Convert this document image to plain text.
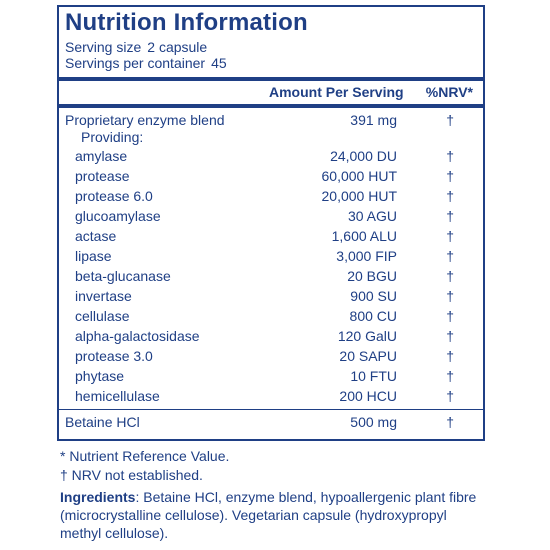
Nutrition Information
Serving size 2 capsule
Servings per container 45
Amount Per Serving %NRV*
Proprietary enzyme blend	391 mg	†
Providing:
amylase	24,000 DU	†
protease	60,000 HUT	†
protease 6.0	20,000 HUT	†
glucoamylase	30 AGU	†
actase	1,600 ALU	†
lipase	3,000 FIP	†
beta-glucanase	20 BGU	†
invertase	900 SU	†
cellulase	800 CU	†
alpha-galactosidase	120 GalU	†
protease 3.0	20 SAPU	†
phytase	10 FTU	†
hemicellulase	200 HCU	†
Betaine HCl	500 mg	†
* Nutrient Reference Value.
† NRV not established.
Ingredients: Betaine HCl, enzyme blend, hypoallergenic plant fibre (microcrystalline cellulose). Vegetarian capsule (hydroxypropyl methyl cellulose).
